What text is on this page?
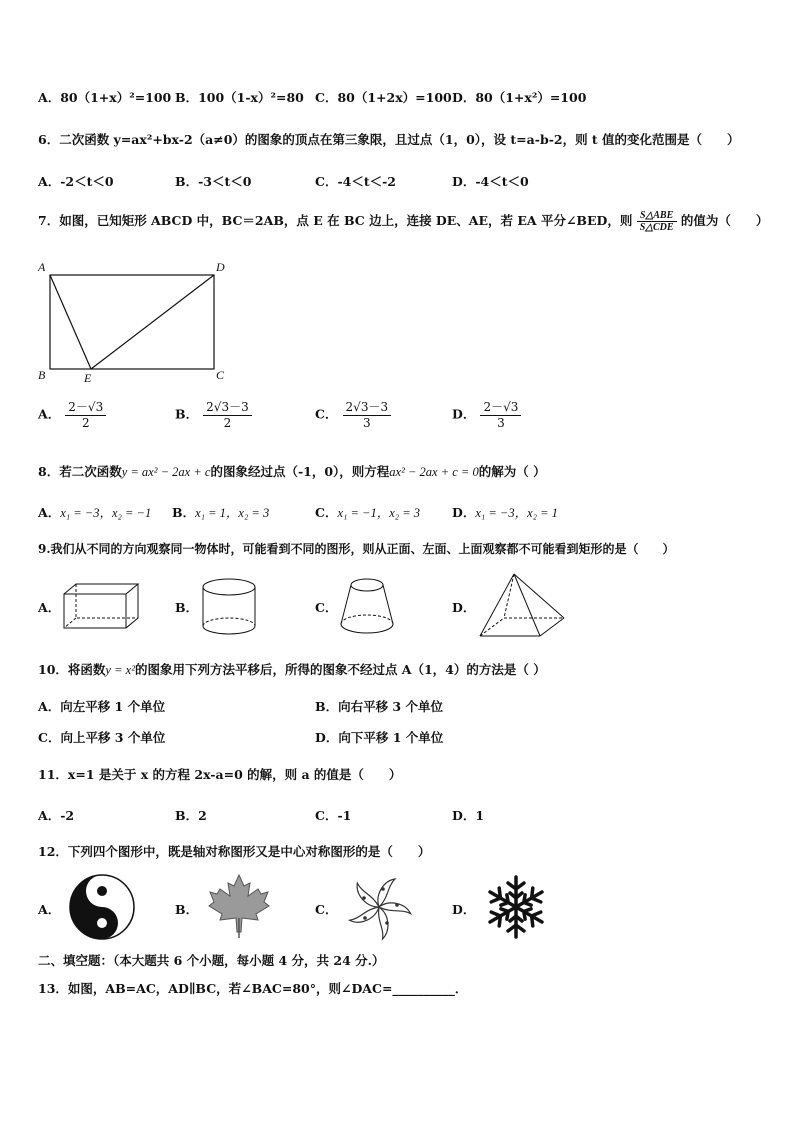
A．80（1+x）²=100 B．100（1-x）²=80 C．80（1+2x）=100 D．80（1+x²）=100
6．二次函数 y=ax²+bx-2（a≠0）的图象的顶点在第三象限，且过点（1，0），设 t=a-b-2，则 t 值的变化范围是（　　）
A．-2＜t＜0	B．-3＜t＜0	C．-4＜t＜-2	D．-4＜t＜0
7．如图，已知矩形 ABCD 中，BC＝2AB，点 E 在 BC 边上，连接 DE、AE，若 EA 平分∠BED，则 $\frac{\text{S△ABE}}{\text{S△CDE}}$ 的值为（　　）
A	D
B	E	C
A． $\frac{2-√3}{2}$	B． $\frac{2√3-3}{2}$	C． $\frac{2√3-3}{3}$	D． $\frac{2-√3}{3}$
8．若二次函数y = ax² − 2ax + c的图象经过点（-1，0），则方程ax² − 2ax + c = 0的解为（ ）
A．x₁ = −3，x₂ = −1 B．x₁ = 1，x₂ = 3	C．x₁ = −1，x₂ = 3	D．x₁ = −3，x₂ = 1
9.我们从不同的方向观察同一物体时，可能看到不同的图形，则从正面、左面、上面观察都不可能看到矩形的是（　　）
A．	B．	C．	D．
10．将函数y = x²的图象用下列方法平移后，所得的图象不经过点 A（1，4）的方法是（ ）
A．向左平移 1 个单位	B．向右平移 3 个单位
C．向上平移 3 个单位	D．向下平移 1 个单位
11．x=1 是关于 x 的方程 2x-a=0 的解，则 a 的值是（　　）
A．-2	B．2	C．-1	D．1
12．下列四个图形中，既是轴对称图形又是中心对称图形的是（　　）
A．	B．	C．	D．
二、填空题：（本大题共 6 个小题，每小题 4 分，共 24 分.）
13．如图，AB=AC，AD∥BC，若∠BAC=80°，则∠DAC=__________．
